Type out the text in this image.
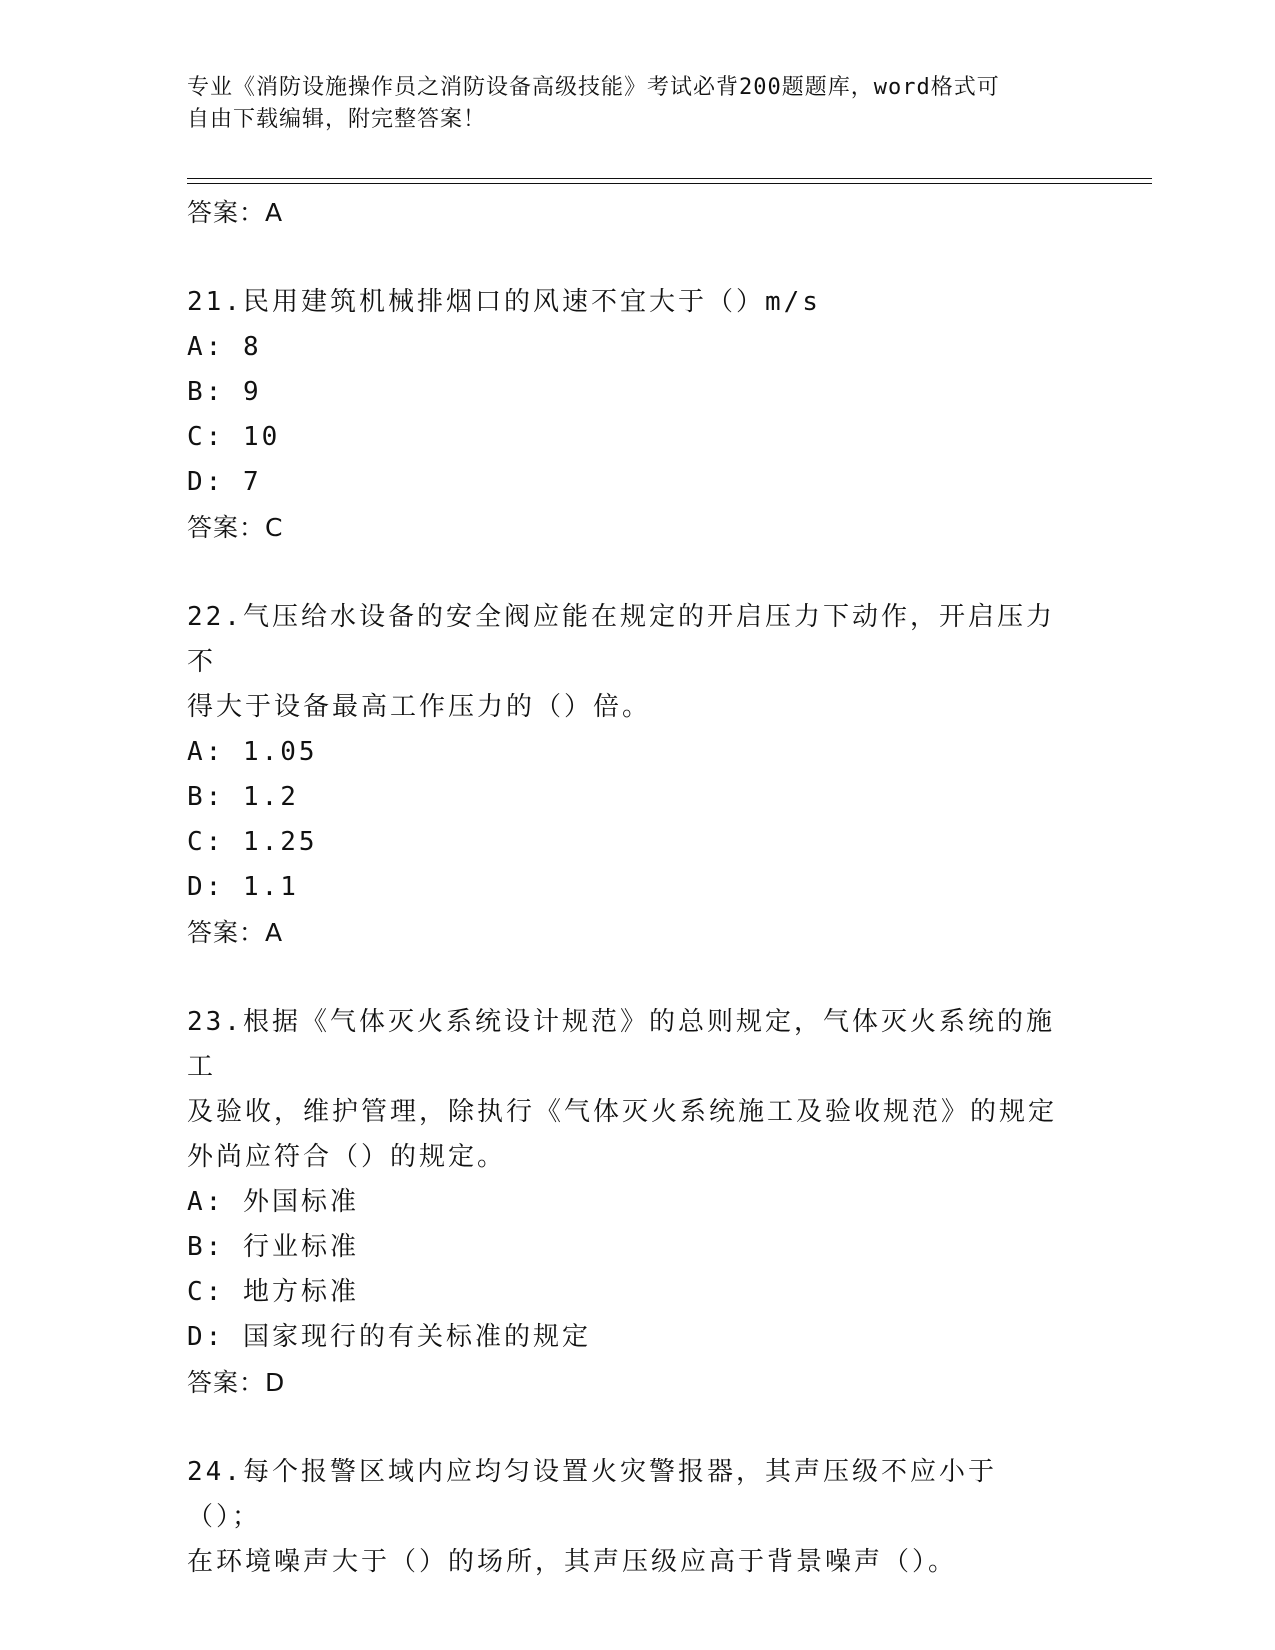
专业《消防设施操作员之消防设备高级技能》考试必背200题题库，word格式可
自由下载编辑，附完整答案！
答案：A
21.民用建筑机械排烟口的风速不宜大于（）m/s
A: 8
B: 9
C: 10
D: 7
答案：C
22.气压给水设备的安全阀应能在规定的开启压力下动作，开启压力不
得大于设备最高工作压力的（）倍。
A: 1.05
B: 1.2
C: 1.25
D: 1.1
答案：A
23.根据《气体灭火系统设计规范》的总则规定，气体灭火系统的施工
及验收，维护管理，除执行《气体灭火系统施工及验收规范》的规定
外尚应符合（）的规定。
A: 外国标准
B: 行业标准
C: 地方标准
D: 国家现行的有关标准的规定
答案：D
24.每个报警区域内应均匀设置火灾警报器，其声压级不应小于（）；
在环境噪声大于（）的场所，其声压级应高于背景噪声（）。
